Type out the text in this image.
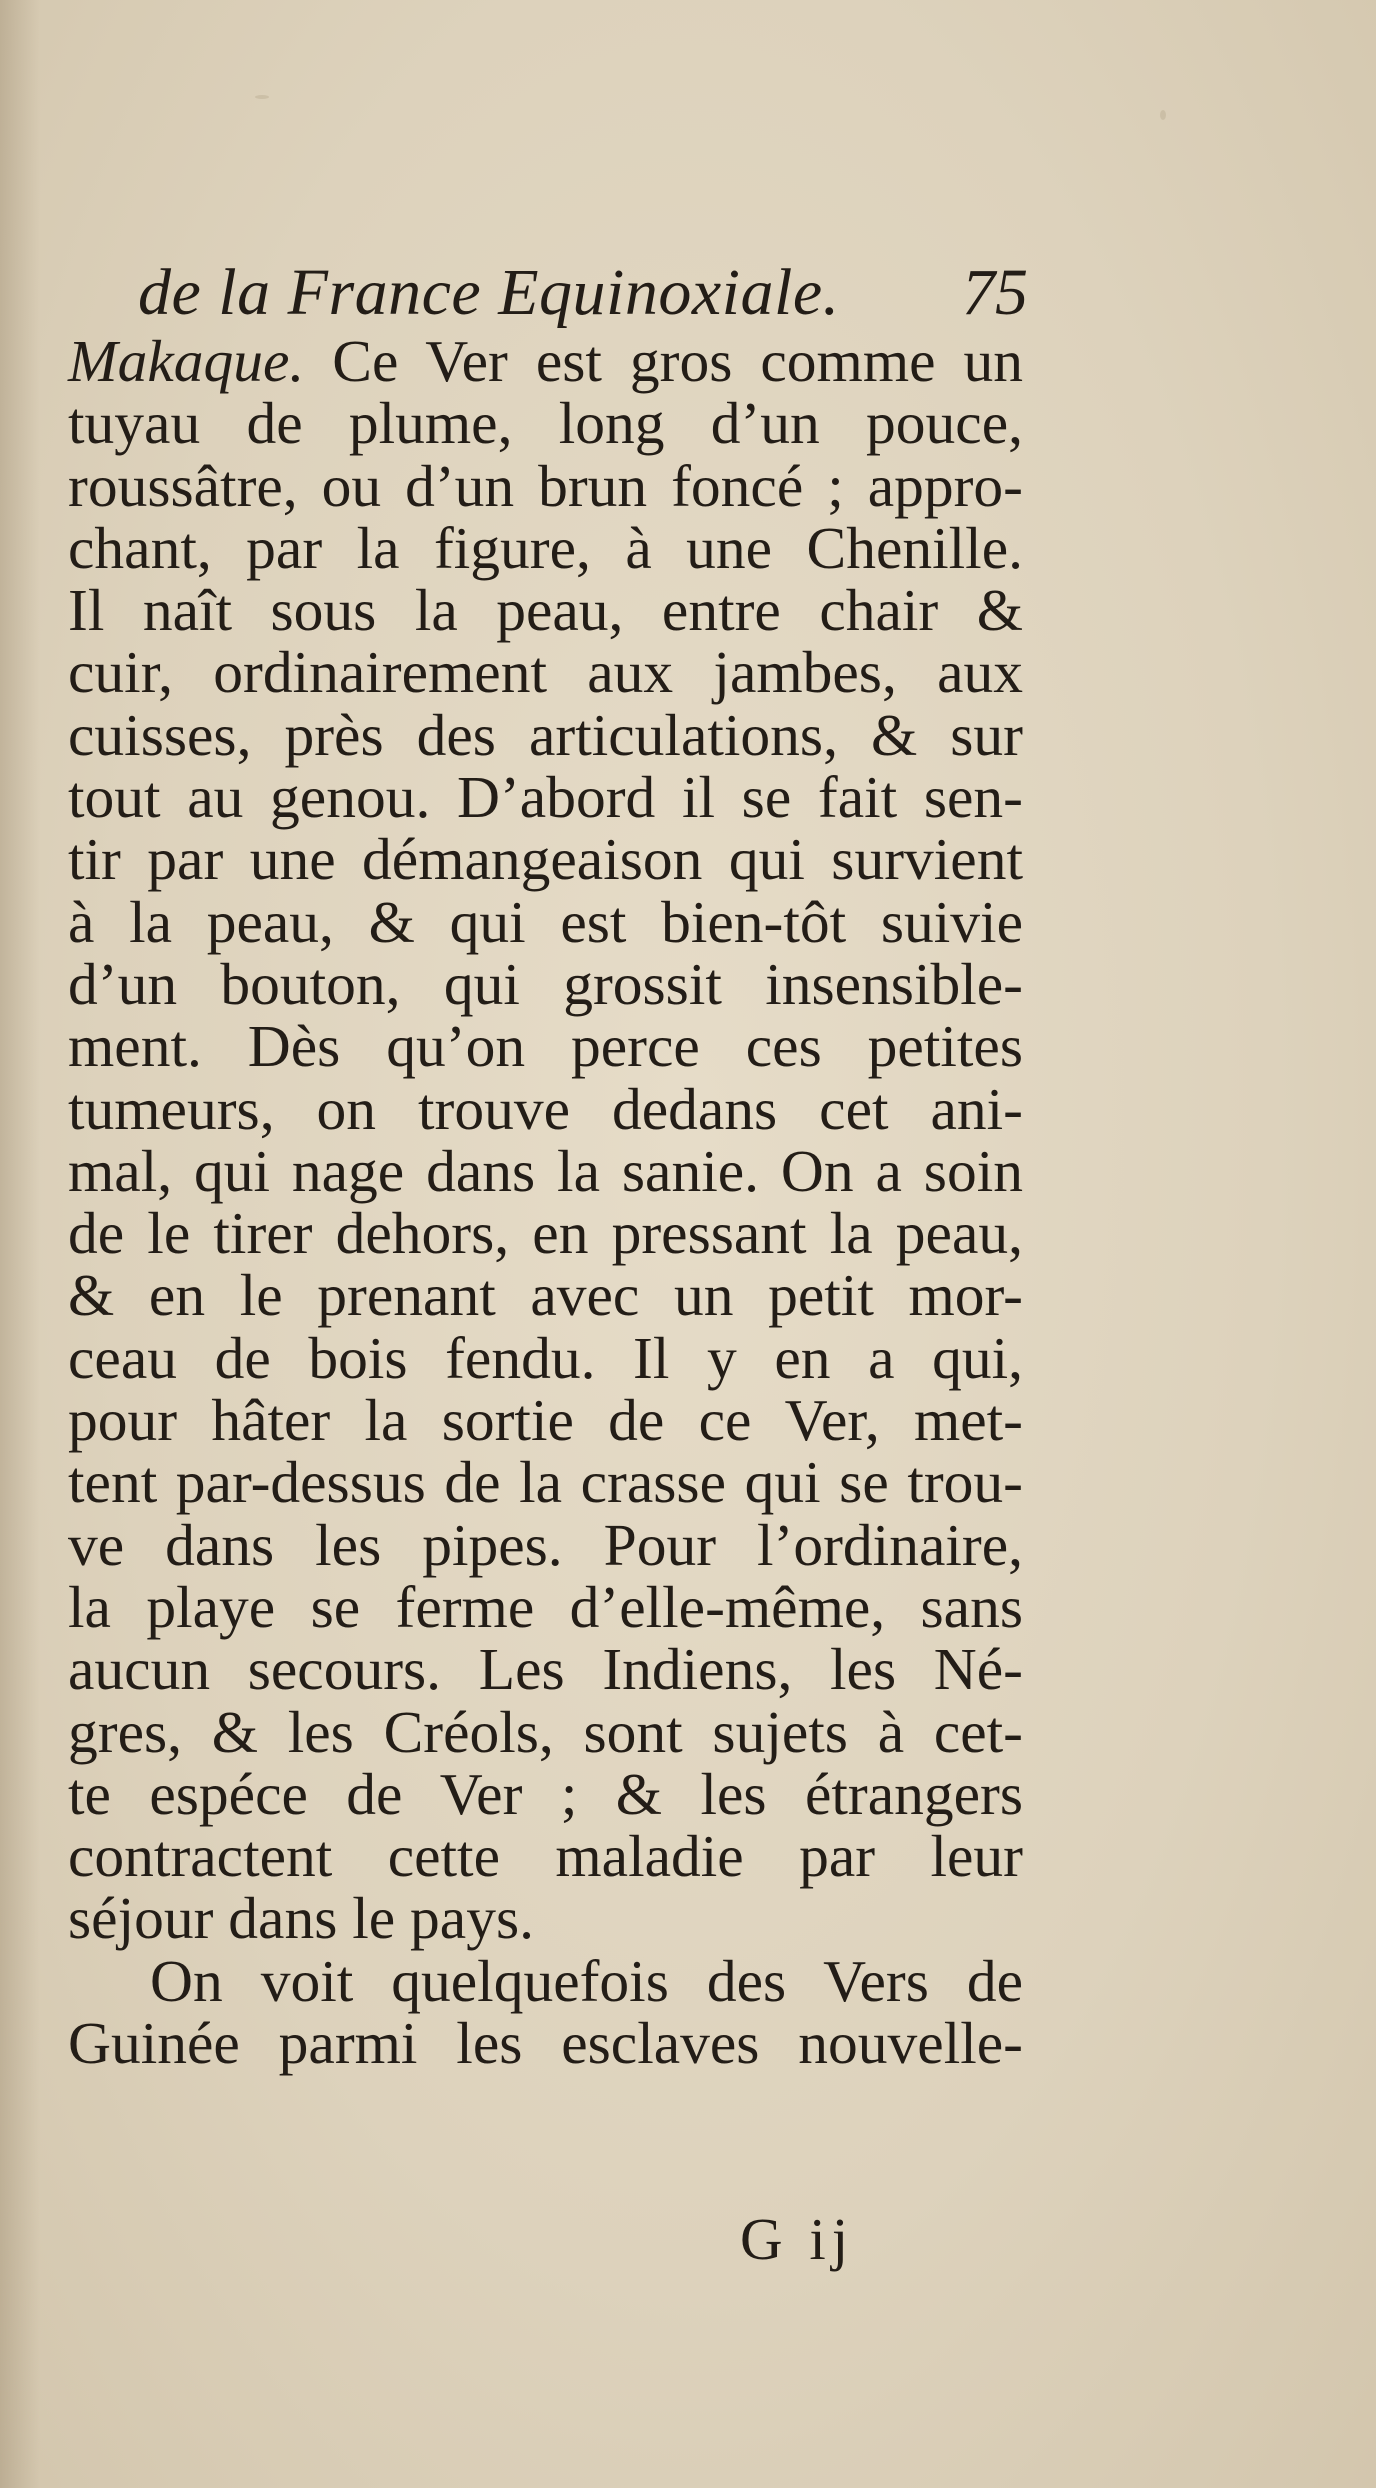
de la France Equinoxiale. 75
Makaque. Ce Ver est gros comme un
tuyau de plume, long d’un pouce,
roussâtre, ou d’un brun foncé ; appro-
chant, par la figure, à une Chenille.
Il naît sous la peau, entre chair &
cuir, ordinairement aux jambes, aux
cuisses, près des articulations, & sur
tout au genou. D’abord il se fait sen-
tir par une démangeaison qui survient
à la peau, & qui est bien-tôt suivie
d’un bouton, qui grossit insensible-
ment. Dès qu’on perce ces petites
tumeurs, on trouve dedans cet ani-
mal, qui nage dans la sanie. On a soin
de le tirer dehors, en pressant la peau,
& en le prenant avec un petit mor-
ceau de bois fendu. Il y en a qui,
pour hâter la sortie de ce Ver, met-
tent par-dessus de la crasse qui se trou-
ve dans les pipes. Pour l’ordinaire,
la playe se ferme d’elle-même, sans
aucun secours. Les Indiens, les Né-
gres, & les Créols, sont sujets à cet-
te espéce de Ver ; & les étrangers
contractent cette maladie par leur
séjour dans le pays.
On voit quelquefois des Vers de
Guinée parmi les esclaves nouvelle-
G ij
